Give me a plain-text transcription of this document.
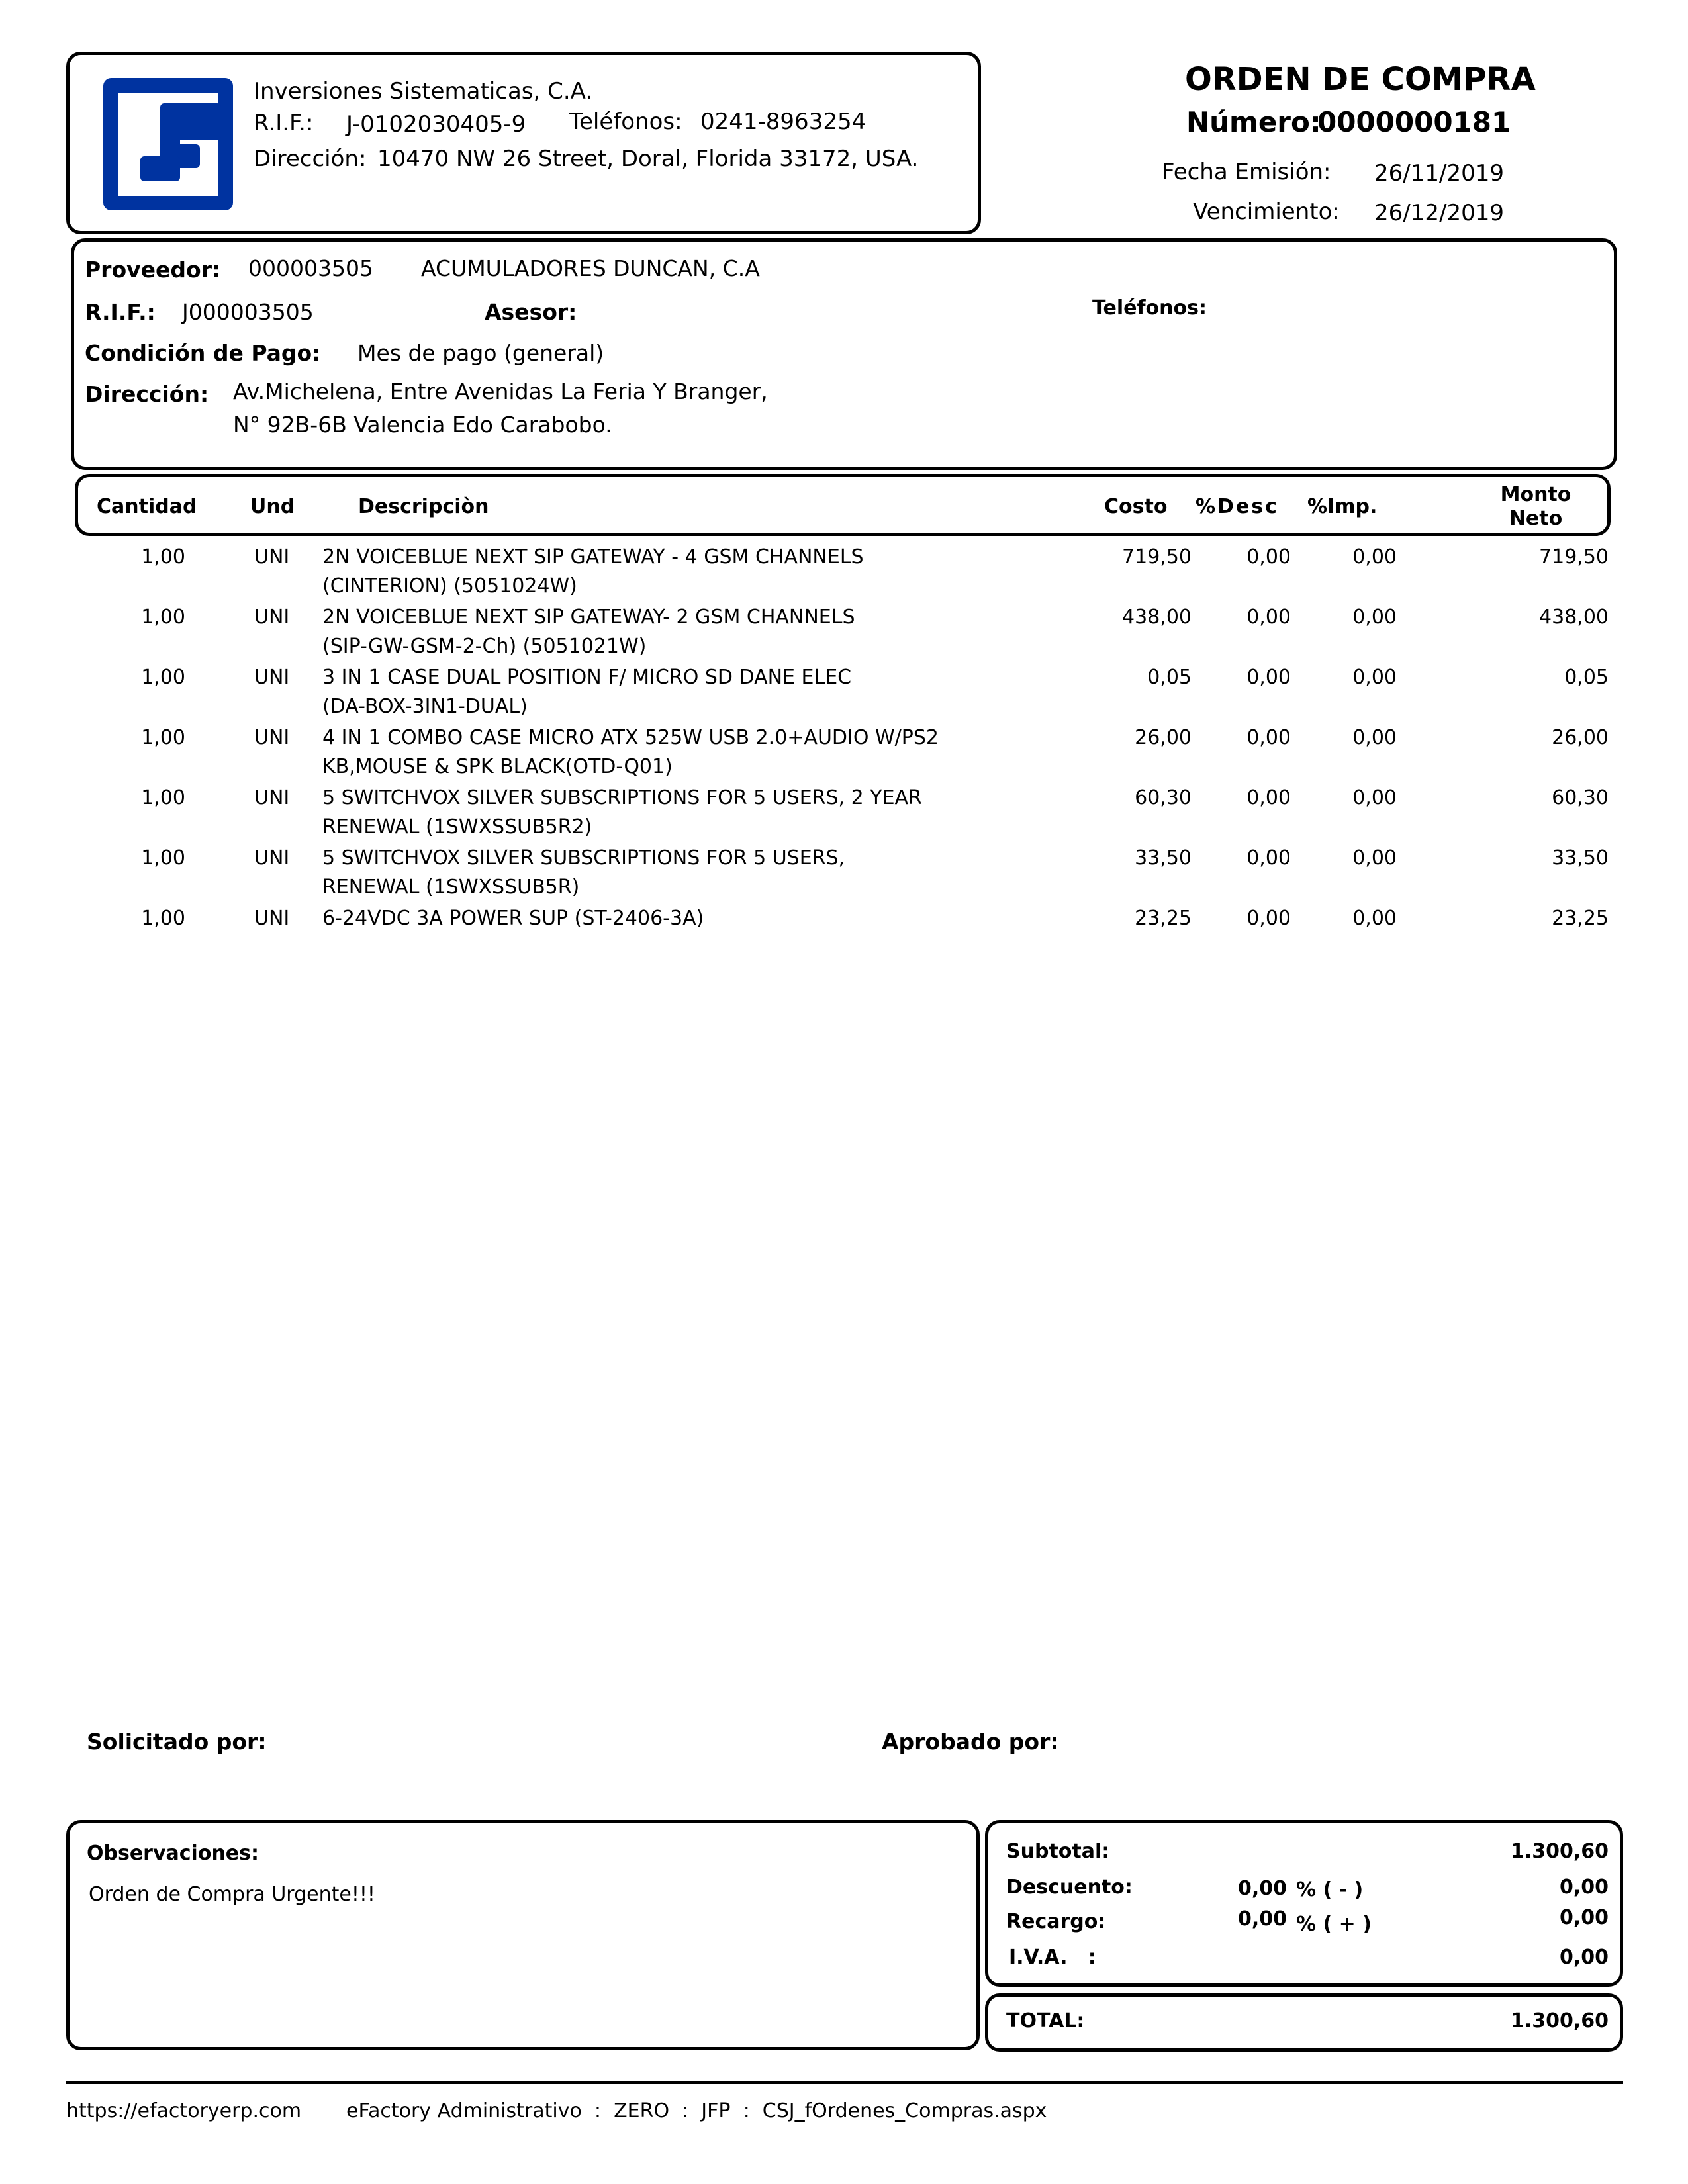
Inversiones Sistematicas, C.A.
R.I.F.: J-0102030405-9 Teléfonos: 0241-8963254
Dirección: 10470 NW 26 Street, Doral, Florida 33172, USA.
ORDEN DE COMPRA
Número:
0000000181
Fecha Emisión: 26/11/2019
Vencimiento: 26/12/2019
Proveedor: 000003505 ACUMULADORES DUNCAN, C.A
R.I.F.: J000003505	Asesor:	Teléfonos:
Condición de Pago: Mes de pago (general)
Dirección: Av.Michelena, Entre Avenidas La Feria Y Branger,
N° 92B-6B Valencia Edo Carabobo.
Cantidad	Und	Descripciòn	Costo %Desc %Imp.
Monto
Neto
1,00	UNI 2N VOICEBLUE NEXT SIP GATEWAY - 4 GSM CHANNELS
(CINTERION) (5051024W)
719,50	0,00	0,00	719,50
1,00	UNI 2N VOICEBLUE NEXT SIP GATEWAY- 2 GSM CHANNELS
(SIP-GW-GSM-2-Ch) (5051021W)
438,00	0,00	0,00	438,00
1,00	UNI 3 IN 1 CASE DUAL POSITION F/ MICRO SD DANE ELEC
(DA-BOX-3IN1-DUAL)
0,05	0,00	0,00	0,05
1,00	UNI 4 IN 1 COMBO CASE MICRO ATX 525W USB 2.0+AUDIO W/PS2
KB,MOUSE & SPK BLACK(OTD-Q01)
26,00	0,00	0,00	26,00
1,00	UNI 5 SWITCHVOX SILVER SUBSCRIPTIONS FOR 5 USERS, 2 YEAR
RENEWAL (1SWXSSUB5R2)
60,30	0,00	0,00	60,30
1,00	UNI 5 SWITCHVOX SILVER SUBSCRIPTIONS FOR 5 USERS,
RENEWAL (1SWXSSUB5R)
33,50	0,00	0,00	33,50
1,00	UNI 6-24VDC 3A POWER SUP (ST-2406-3A)	23,25	0,00	0,00	23,25
Solicitado por:	Aprobado por:
Observaciones:
Orden de Compra Urgente!!!
Subtotal:	1.300,60
Descuento:	0,00 % ( - )	0,00
Recargo:	0,00 % ( + )	0,00
I.V.A.   :	0,00
TOTAL:	1.300,60
https://efactoryerp.com eFactory Administrativo  :  ZERO  :  JFP  :  CSJ_fOrdenes_Compras.aspx
